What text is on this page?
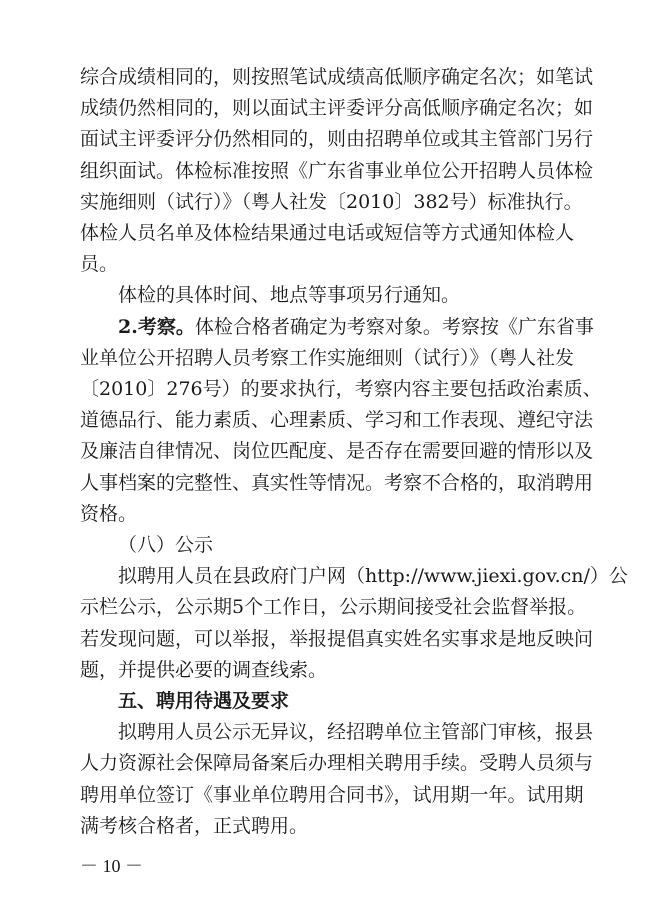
综合成绩相同的，则按照笔试成绩高低顺序确定名次；如笔试
成绩仍然相同的，则以面试主评委评分高低顺序确定名次；如
面试主评委评分仍然相同的，则由招聘单位或其主管部门另行
组织面试。体检标准按照《广东省事业单位公开招聘人员体检
实施细则（试行）》（粤人社发〔2010〕382号）标准执行。
体检人员名单及体检结果通过电话或短信等方式通知体检人
员。
体检的具体时间、地点等事项另行通知。
2.考察。体检合格者确定为考察对象。考察按《广东省事
业单位公开招聘人员考察工作实施细则（试行）》（粤人社发
〔2010〕276号）的要求执行，考察内容主要包括政治素质、
道德品行、能力素质、心理素质、学习和工作表现、遵纪守法
及廉洁自律情况、岗位匹配度、是否存在需要回避的情形以及
人事档案的完整性、真实性等情况。考察不合格的，取消聘用
资格。
（八）公示
拟聘用人员在县政府门户网（http://www.jiexi.gov.cn/）公
示栏公示，公示期5个工作日，公示期间接受社会监督举报。
若发现问题，可以举报，举报提倡真实姓名实事求是地反映问
题，并提供必要的调查线索。
五、聘用待遇及要求
拟聘用人员公示无异议，经招聘单位主管部门审核，报县
人力资源社会保障局备案后办理相关聘用手续。受聘人员须与
聘用单位签订《事业单位聘用合同书》，试用期一年。试用期
满考核合格者，正式聘用。
－ 10 －
